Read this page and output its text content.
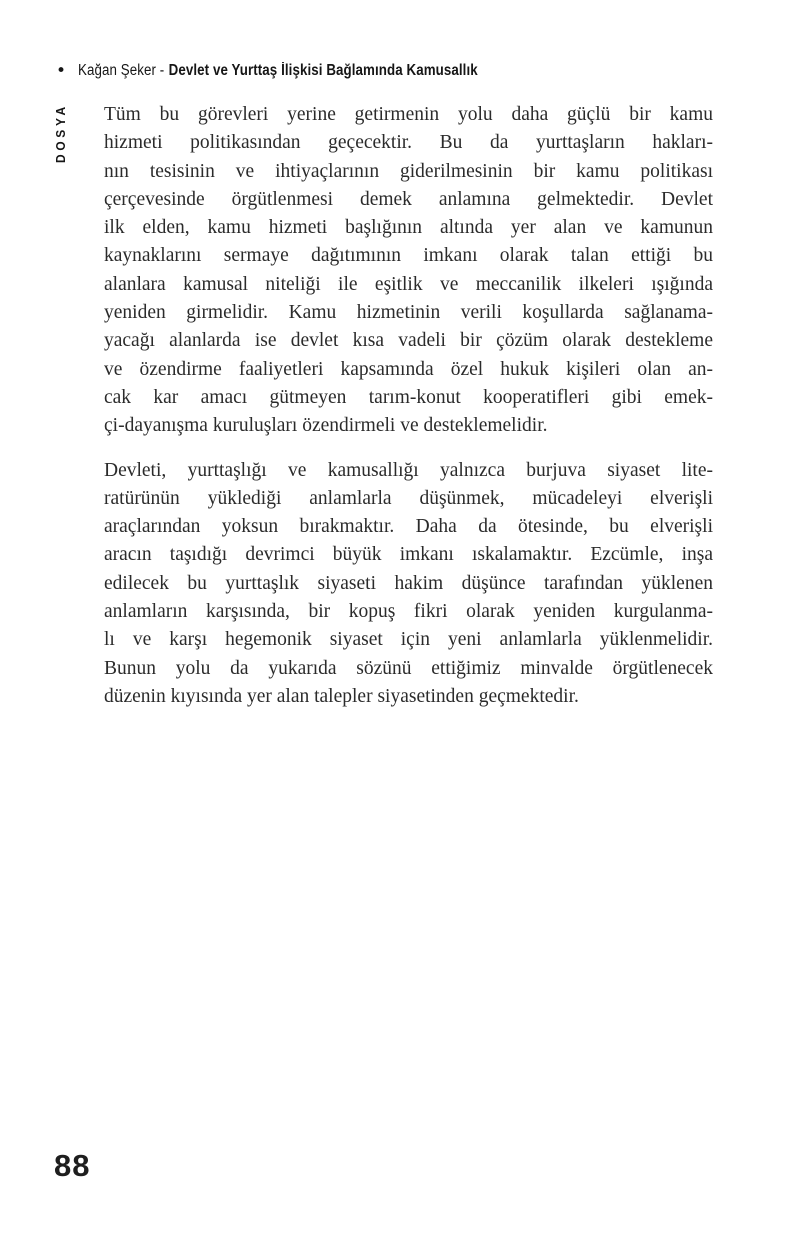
• Kağan Şeker - Devlet ve Yurttaş İlişkisi Bağlamında Kamusallık
DOSYA Tüm bu görevleri yerine getirmenin yolu daha güçlü bir kamu
hizmeti politikasından geçecektir. Bu da yurttaşların hakları-
nın tesisinin ve ihtiyaçlarının giderilmesinin bir kamu politikası
çerçevesinde örgütlenmesi demek anlamına gelmektedir. Devlet
ilk elden, kamu hizmeti başlığının altında yer alan ve kamunun
kaynaklarını sermaye dağıtımının imkanı olarak talan ettiği bu
alanlara kamusal niteliği ile eşitlik ve meccanilik ilkeleri ışığında
yeniden girmelidir. Kamu hizmetinin verili koşullarda sağlanama-
yacağı alanlarda ise devlet kısa vadeli bir çözüm olarak destekleme
ve özendirme faaliyetleri kapsamında özel hukuk kişileri olan an-
cak kar amacı gütmeyen tarım-konut kooperatifleri gibi emek-
çi-dayanışma kuruluşları özendirmeli ve desteklemelidir.
Devleti, yurttaşlığı ve kamusallığı yalnızca burjuva siyaset lite-
ratürünün yüklediği anlamlarla düşünmek, mücadeleyi elverişli
araçlarından yoksun bırakmaktır. Daha da ötesinde, bu elverişli
aracın taşıdığı devrimci büyük imkanı ıskalamaktır. Ezcümle, inşa
edilecek bu yurttaşlık siyaseti hakim düşünce tarafından yüklenen
anlamların karşısında, bir kopuş fikri olarak yeniden kurgulanma-
lı ve karşı hegemonik siyaset için yeni anlamlarla yüklenmelidir.
Bunun yolu da yukarıda sözünü ettiğimiz minvalde örgütlenecek
düzenin kıyısında yer alan talepler siyasetinden geçmektedir.
88
